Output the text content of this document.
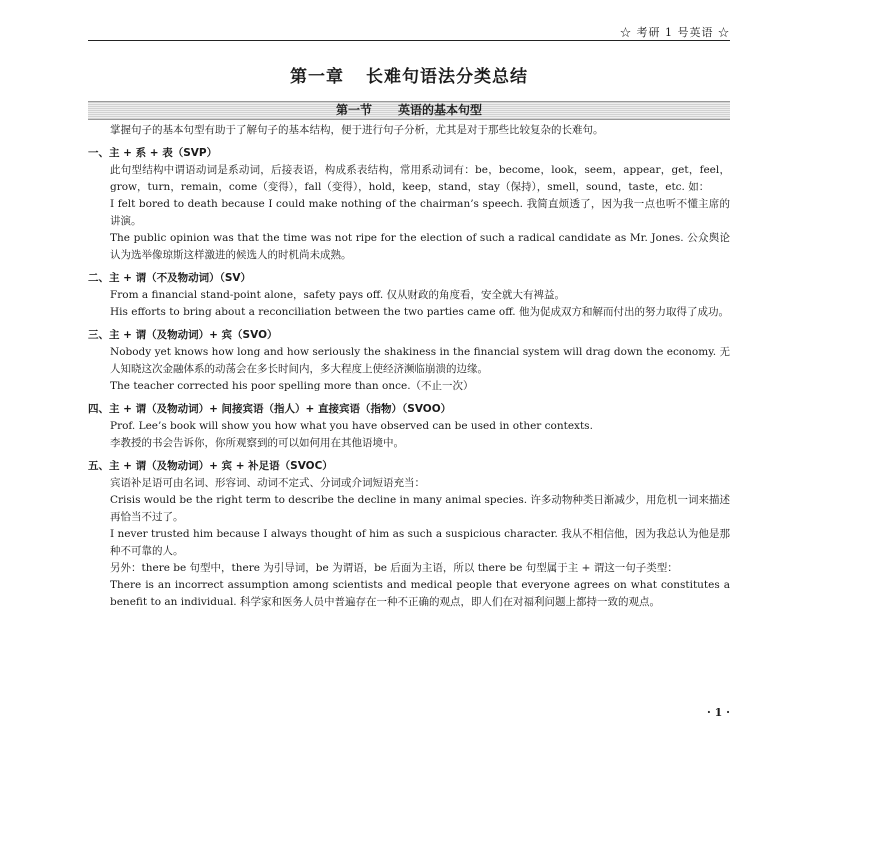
☆ 考研 1 号英语 ☆
第一章 长难句语法分类总结
第一节 英语的基本句型

掌握句子的基本句型有助于了解句子的基本结构，便于进行句子分析，尤其是对于那些比较复杂的长难句。

一、主 + 系 + 表（SVP）

此句型结构中谓语动词是系动词，后接表语，构成系表结构，常用系动词有：be，become，look，seem，appear，get，feel，grow，turn，remain，come（变得），fall（变得），hold，keep，stand，stay（保持），smell，sound，taste，etc. 如：

I felt bored to death because I could make nothing of the chairman’s speech. 我简直烦透了，因为我一点也听不懂主席的讲演。

The public opinion was that the time was not ripe for the election of such a radical candidate as Mr. Jones. 公众舆论认为选举像琼斯这样激进的候选人的时机尚未成熟。

二、主 + 谓（不及物动词）（SV）

From a financial stand-point alone，safety pays off. 仅从财政的角度看，安全就大有裨益。

His efforts to bring about a reconciliation between the two parties came off. 他为促成双方和解而付出的努力取得了成功。

三、主 + 谓（及物动词）+ 宾（SVO）

Nobody yet knows how long and how seriously the shakiness in the financial system will drag down the economy. 无人知晓这次金融体系的动荡会在多长时间内，多大程度上使经济濒临崩溃的边缘。

The teacher corrected his poor spelling more than once.（不止一次）

四、主 + 谓（及物动词）+ 间接宾语（指人）+ 直接宾语（指物）（SVOO）

Prof. Lee’s book will show you how what you have observed can be used in other contexts.

李教授的书会告诉你，你所观察到的可以如何用在其他语境中。

五、主 + 谓（及物动词）+ 宾 + 补足语（SVOC）

宾语补足语可由名词、形容词、动词不定式、分词或介词短语充当：

Crisis would be the right term to describe the decline in many animal species. 许多动物种类日渐减少，用危机一词来描述再恰当不过了。

I never trusted him because I always thought of him as such a suspicious character. 我从不相信他，因为我总认为他是那种不可靠的人。

另外：there be 句型中，there 为引导词，be 为谓语，be 后面为主语，所以 there be 句型属于主 + 谓这一句子类型：

There is an incorrect assumption among scientists and medical people that everyone agrees on what constitutes a benefit to an individual. 科学家和医务人员中普遍存在一种不正确的观点，即人们在对福利问题上都持一致的观点。

· 1 ·
